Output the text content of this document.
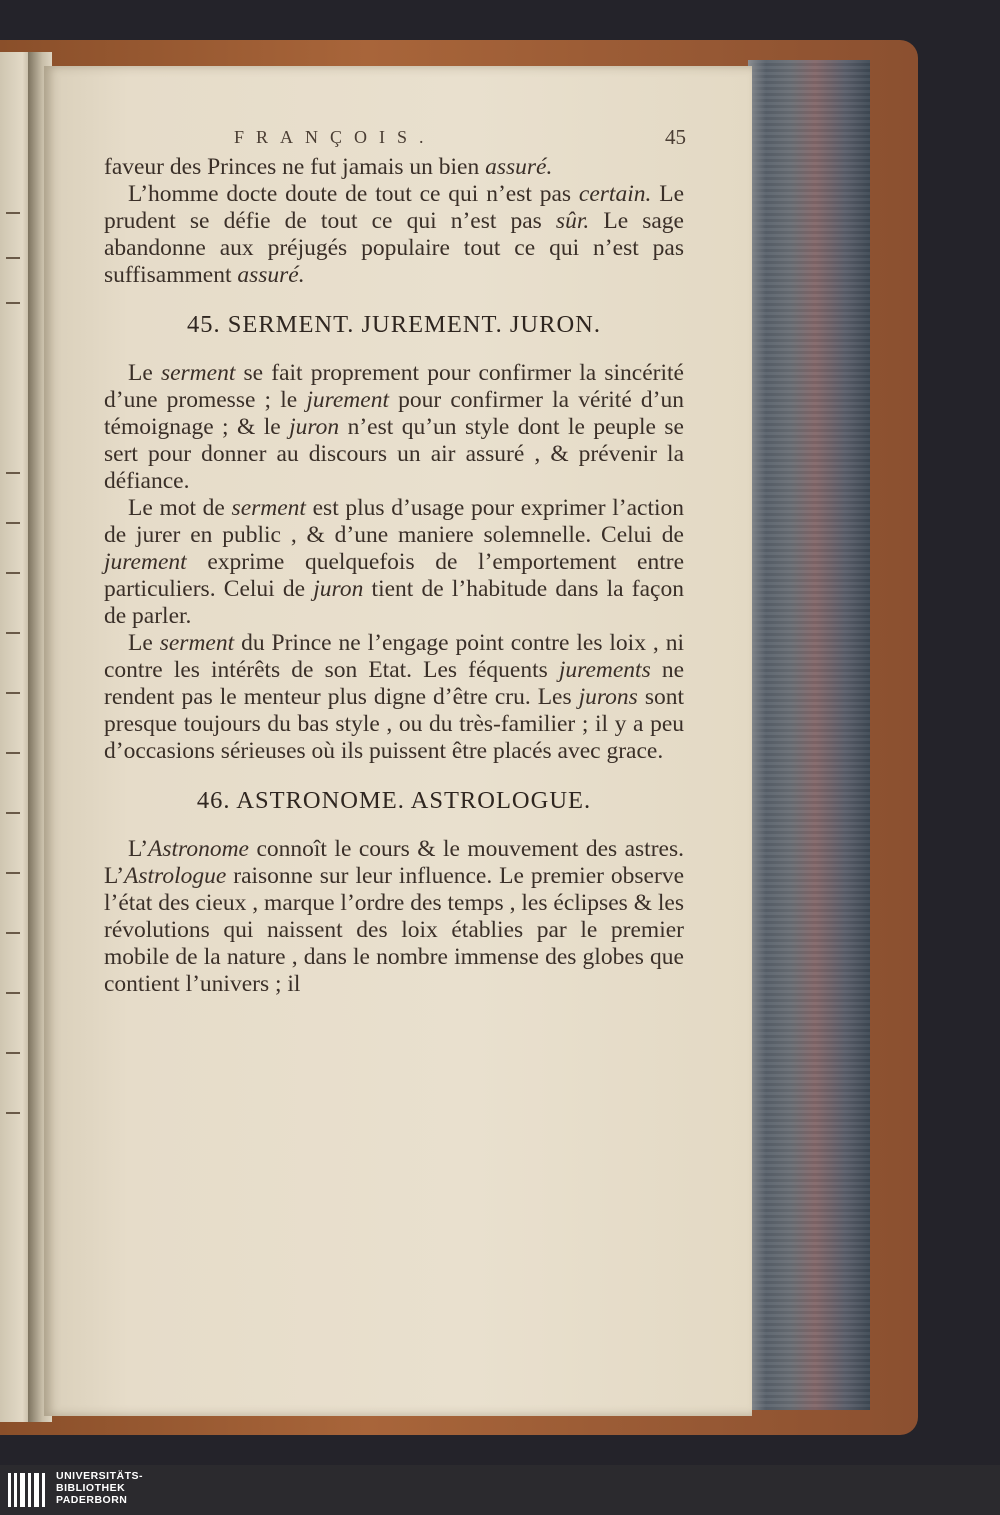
FRANÇOIS.	45

faveur des Princes ne fut jamais un bien assuré.

L’homme docte doute de tout ce qui n’est pas certain. Le prudent se défie de tout ce qui n’est pas sûr. Le sage abandonne aux préjugés populaire tout ce qui n’est pas suffisamment assuré.

45. SERMENT. JUREMENT. JURON.

Le serment se fait proprement pour confirmer la sincérité d’une promesse ; le jurement pour confirmer la vérité d’un témoignage ; & le juron n’est qu’un style dont le peuple se sert pour donner au discours un air assuré , & prévenir la défiance.

Le mot de serment est plus d’usage pour exprimer l’action de jurer en public , & d’une maniere solemnelle. Celui de jurement exprime quelquefois de l’emportement entre particuliers. Celui de juron tient de l’habitude dans la façon de parler.

Le serment du Prince ne l’engage point contre les loix , ni contre les intérêts de son Etat. Les féquents jurements ne rendent pas le menteur plus digne d’être cru. Les jurons sont presque toujours du bas style , ou du très-familier ; il y a peu d’occasions sérieuses où ils puissent être placés avec grace.

46. ASTRONOME. ASTROLOGUE.

L’Astronome connoît le cours & le mouvement des astres. L’Astrologue raisonne sur leur influence. Le premier observe l’état des cieux , marque l’ordre des temps , les éclipses & les révolutions qui naissent des loix établies par le premier mobile de la nature , dans le nombre immense des globes que contient l’univers ; il

UNIVERSITÄTS-
BIBLIOTHEK
PADERBORN
